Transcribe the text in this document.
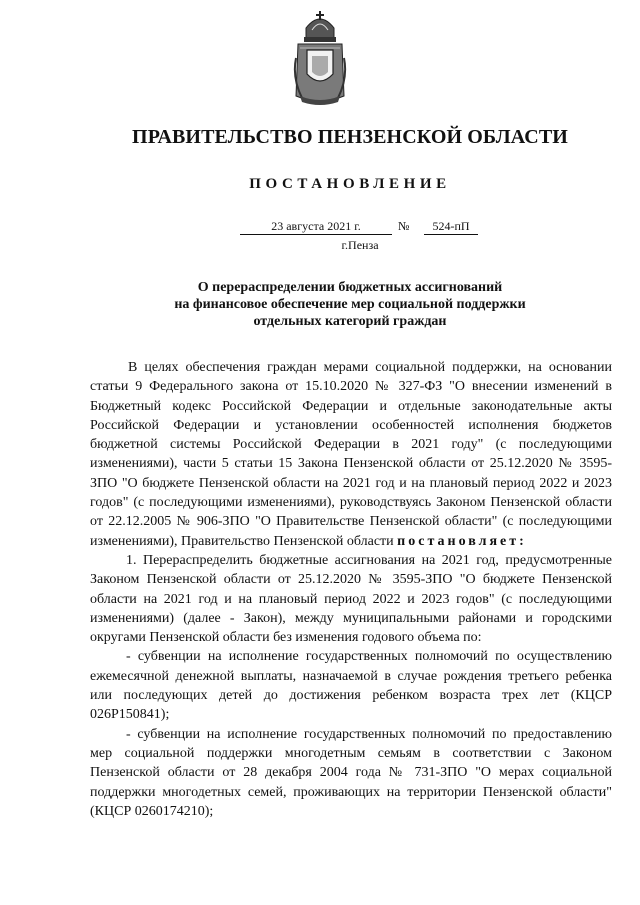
ПРАВИТЕЛЬСТВО ПЕНЗЕНСКОЙ ОБЛАСТИ
ПОСТАНОВЛЕНИЕ
23 августа 2021 г.	№	524-пП
г.Пенза
О перераспределении бюджетных ассигнований
на финансовое обеспечение мер социальной поддержки
отдельных категорий граждан

В целях обеспечения граждан мерами социальной поддержки, на основании статьи 9 Федерального закона от 15.10.2020 № 327-ФЗ "О внесении изменений в Бюджетный кодекс Российской Федерации и отдельные законодательные акты Российской Федерации и установлении особенностей исполнения бюджетов бюджетной системы Российской Федерации в 2021 году" (с последующими изменениями), части 5 статьи 15 Закона Пензенской области от 25.12.2020 № 3595-ЗПО "О бюджете Пензенской области на 2021 год и на плановый период 2022 и 2023 годов" (с последующими изменениями), руководствуясь Законом Пензенской области от 22.12.2005 № 906-ЗПО "О Правительстве Пензенской области" (с последующими изменениями), Правительство Пензенской области постановляет:

1. Перераспределить бюджетные ассигнования на 2021 год, предусмотренные Законом Пензенской области от 25.12.2020 № 3595-ЗПО "О бюджете Пензенской области на 2021 год и на плановый период 2022 и 2023 годов" (с последующими изменениями) (далее - Закон), между муниципальными районами и городскими округами Пензенской области без изменения годового объема по:

- субвенции на исполнение государственных полномочий по осуществлению ежемесячной денежной выплаты, назначаемой в случае рождения третьего ребенка или последующих детей до достижения ребенком возраста трех лет (КЦСР 026Р150841);

- субвенции на исполнение государственных полномочий по предоставлению мер социальной поддержки многодетным семьям в соответствии с Законом Пензенской области от 28 декабря 2004 года № 731-ЗПО "О мерах социальной поддержки многодетных семей, проживающих на территории Пензенской области" (КЦСР 0260174210);
